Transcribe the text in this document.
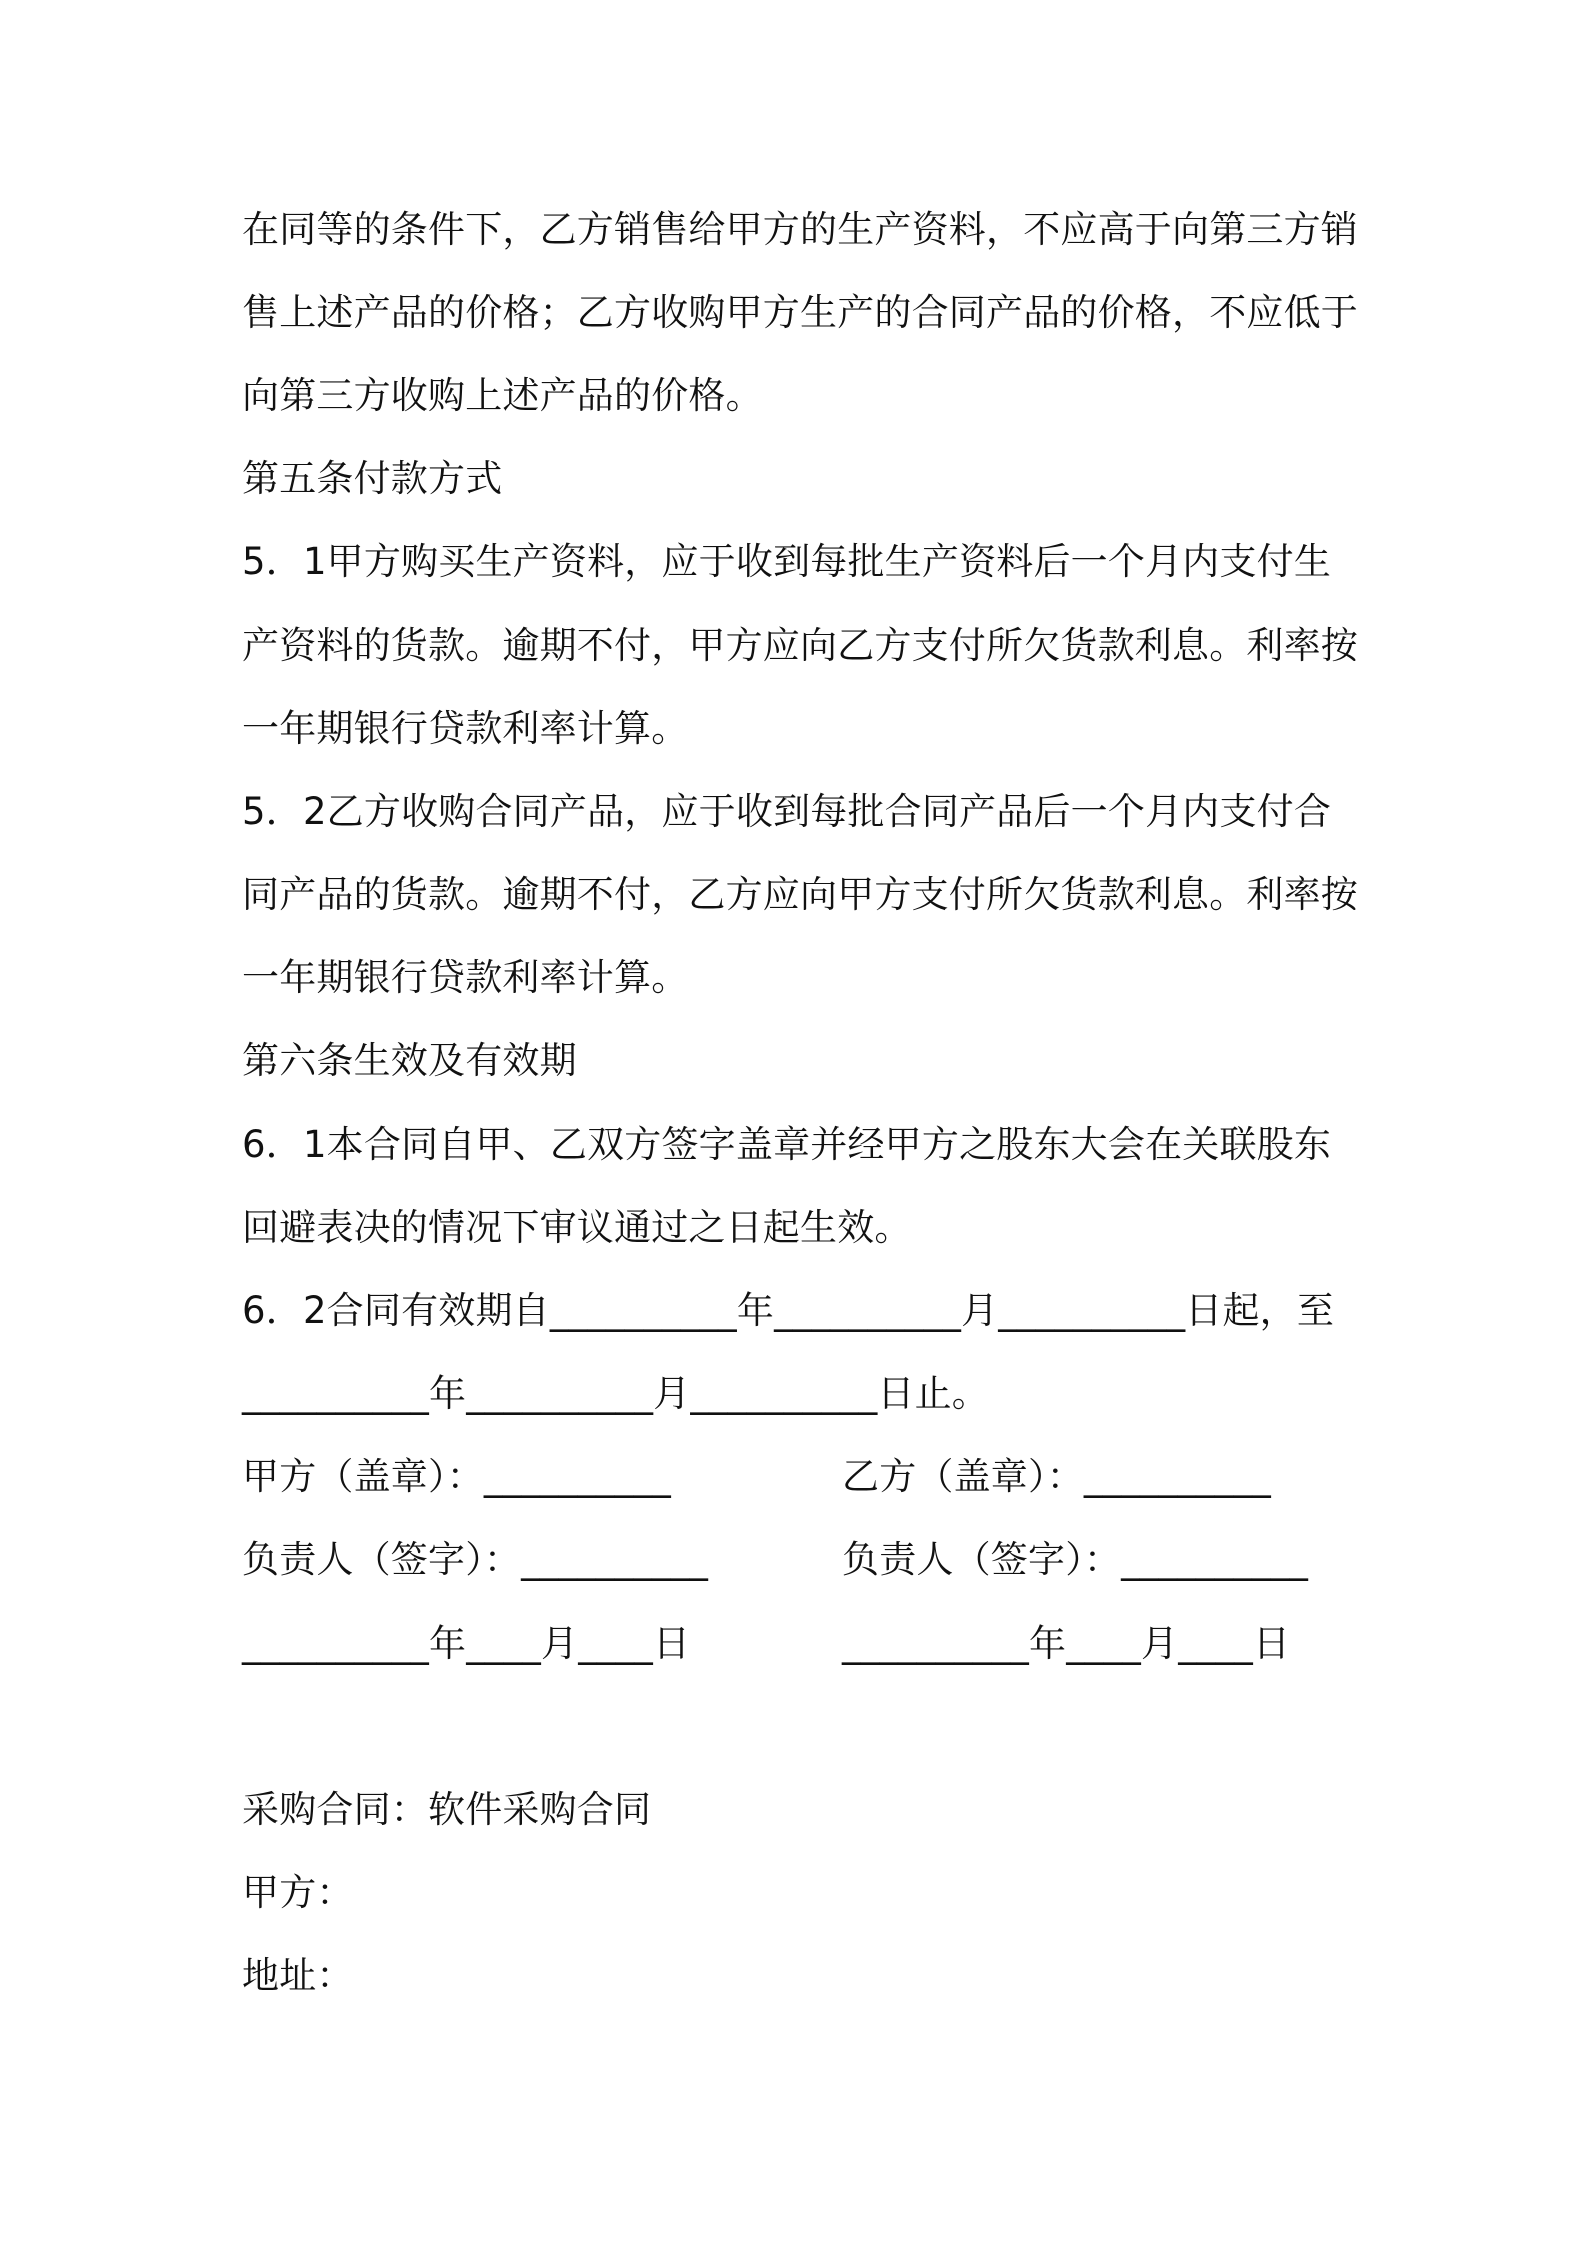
在同等的条件下，乙方销售给甲方的生产资料，不应高于向第三方销
售上述产品的价格；乙方收购甲方生产的合同产品的价格，不应低于
向第三方收购上述产品的价格。
第五条付款方式
5．1甲方购买生产资料，应于收到每批生产资料后一个月内支付生
产资料的货款。逾期不付，甲方应向乙方支付所欠货款利息。利率按
一年期银行贷款利率计算。
5．2乙方收购合同产品，应于收到每批合同产品后一个月内支付合
同产品的货款。逾期不付，乙方应向甲方支付所欠货款利息。利率按
一年期银行贷款利率计算。
第六条生效及有效期
6．1本合同自甲、乙双方签字盖章并经甲方之股东大会在关联股东
回避表决的情况下审议通过之日起生效。
6．2合同有效期自__________年__________月__________日起，至
__________年__________月__________日止。
甲方（盖章）：__________	乙方（盖章）：__________
负责人（签字）：__________	负责人（签字）：__________
__________年____月____日	__________年____月____日
采购合同：软件采购合同
甲方：
地址：
